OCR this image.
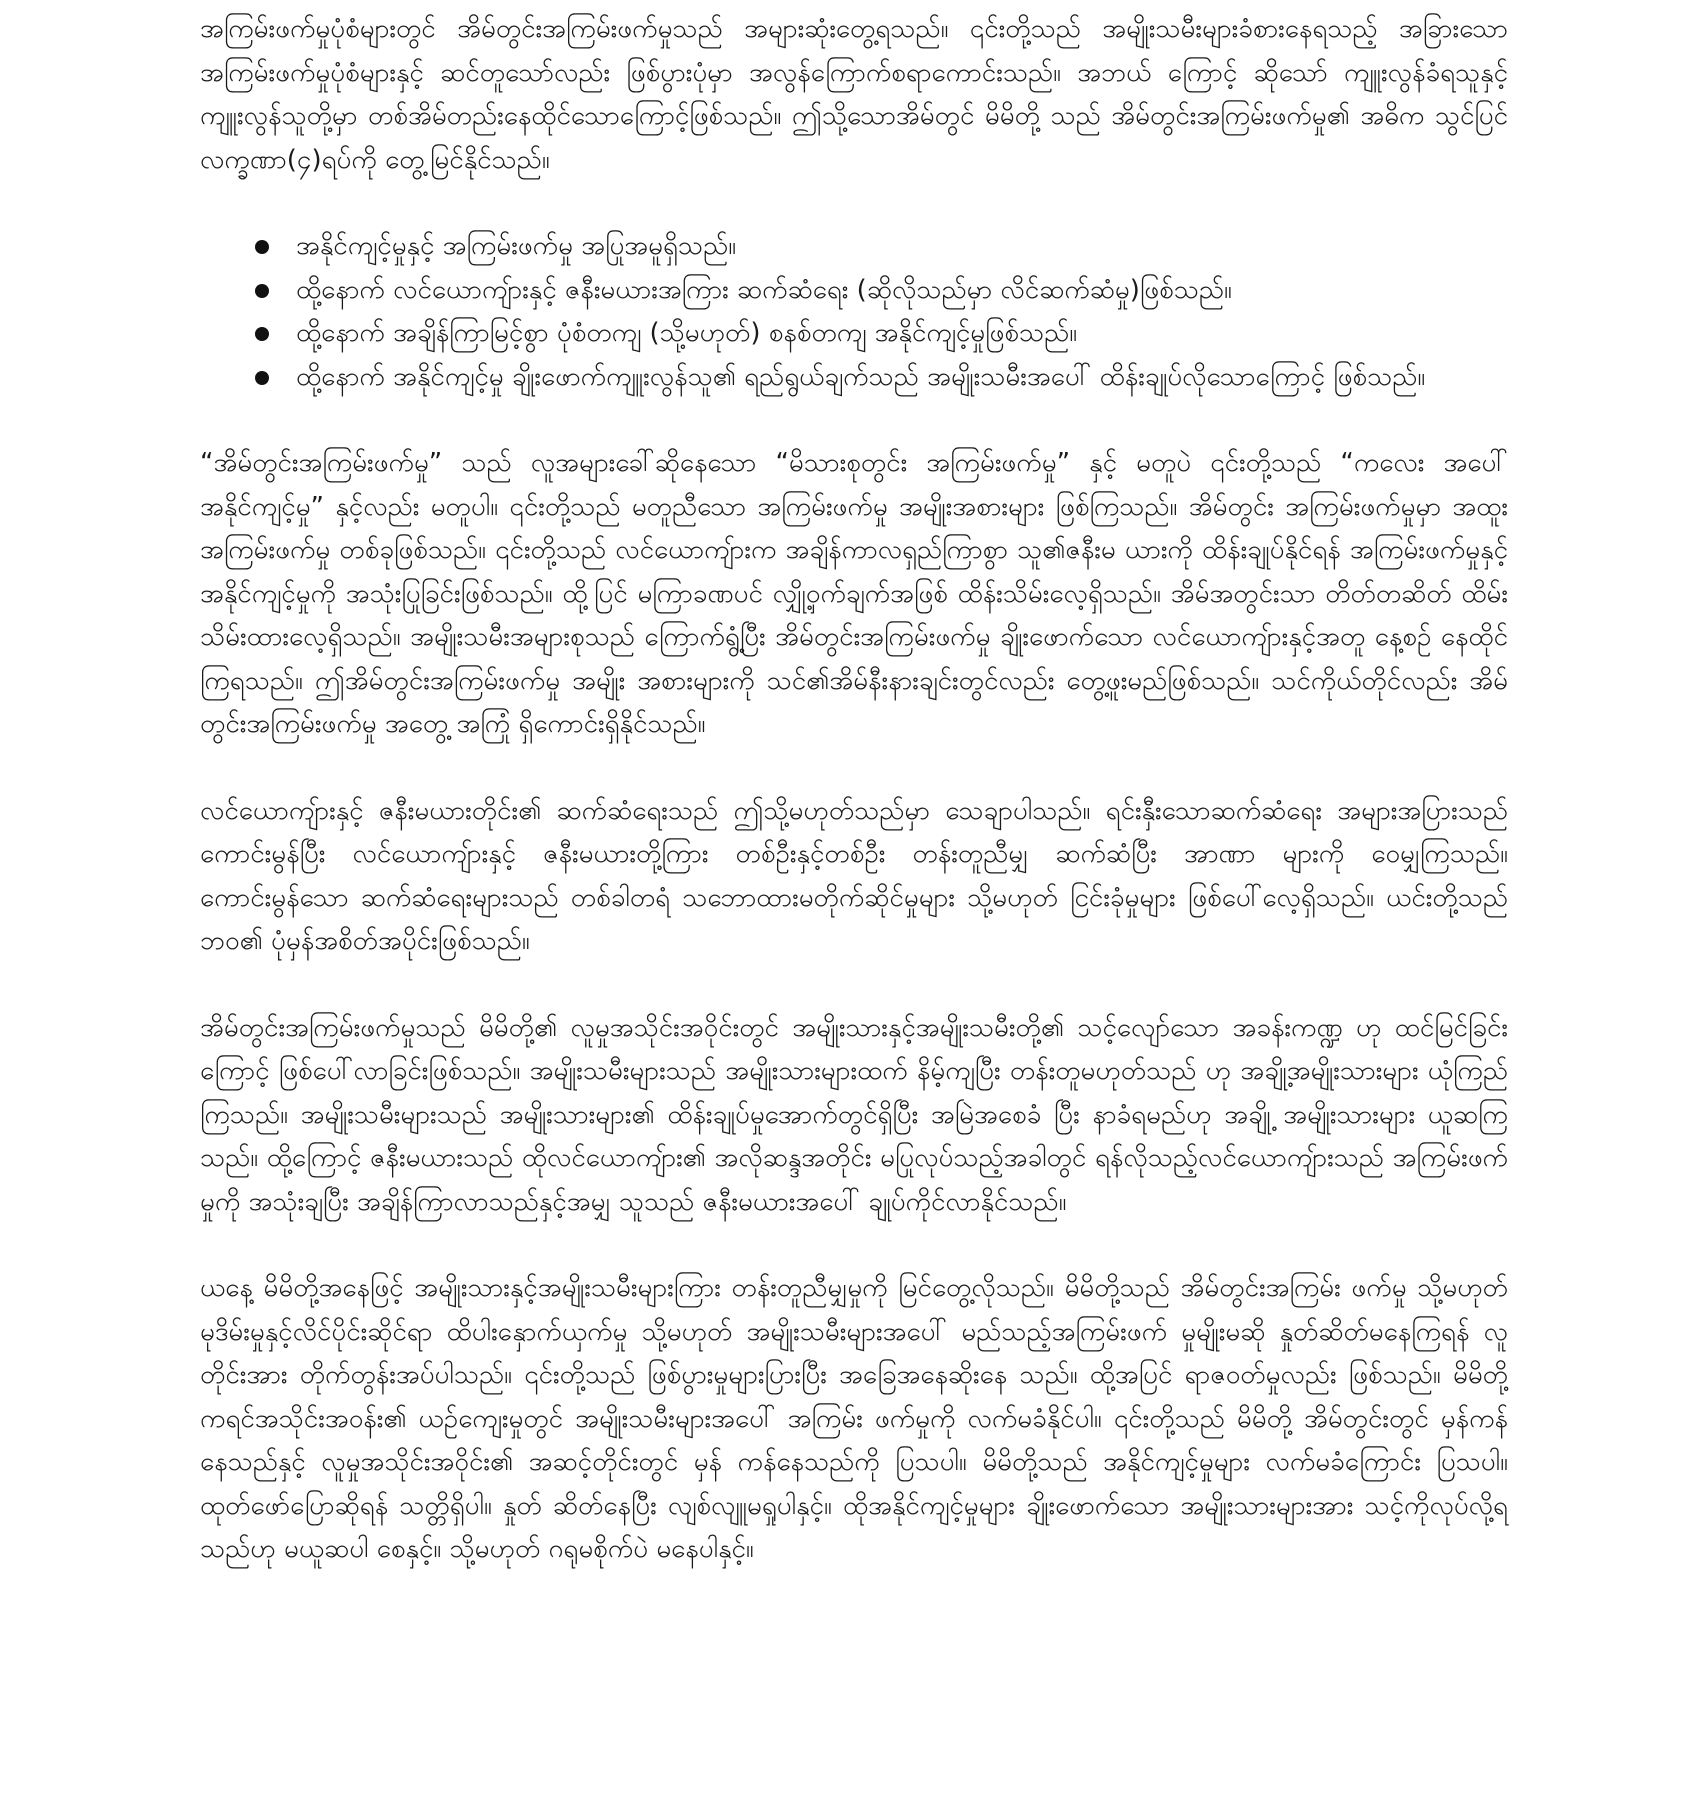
အကြမ်းဖက်မှုပုံစံများတွင် အိမ်တွင်းအကြမ်းဖက်မှုသည် အများဆုံးတွေ့ရသည်။ ၎င်းတို့သည် အမျိုးသမီးများခံစားနေရသည့် အခြားသော အကြမ်းဖက်မှုပုံစံများနှင့် ဆင်တူသော်လည်း ဖြစ်ပွားပုံမှာ အလွန်ကြောက်စရာကောင်းသည်။ အဘယ် ကြောင့် ဆိုသော် ကျူးလွန်ခံရသူနှင့် ကျူးလွန်သူတို့မှာ တစ်အိမ်တည်းနေထိုင်သောကြောင့်ဖြစ်သည်။ ဤသို့သောအိမ်တွင် မိမိတို့ သည် အိမ်တွင်းအကြမ်းဖက်မှု၏ အဓိက သွင်ပြင်လက္ခဏာ(၄)ရပ်ကို တွေ့မြင်နိုင်သည်။

အနိုင်ကျင့်မှုနှင့် အကြမ်းဖက်မှု အပြုအမူရှိသည်။
ထို့နောက် လင်ယောကျ်ားနှင့် ဇနီးမယားအကြား ဆက်ဆံရေး (ဆိုလိုသည်မှာ လိင်ဆက်ဆံမှု)ဖြစ်သည်။
ထို့နောက် အချိန်ကြာမြင့်စွာ ပုံစံတကျ (သို့မဟုတ်) စနစ်တကျ အနိုင်ကျင့်မှုဖြစ်သည်။
ထို့နောက် အနိုင်ကျင့်မှု ချိုးဖောက်ကျူးလွန်သူ၏ ရည်ရွယ်ချက်သည် အမျိုးသမီးအပေါ် ထိန်းချုပ်လိုသောကြောင့် ဖြစ်သည်။

“အိမ်တွင်းအကြမ်းဖက်မှု” သည် လူအများခေါ်ဆိုနေသော “မိသားစုတွင်း အကြမ်းဖက်မှု” နှင့် မတူပဲ ၎င်းတို့သည် “ကလေး အပေါ် အနိုင်ကျင့်မှု” နှင့်လည်း မတူပါ။ ၎င်းတို့သည် မတူညီသော အကြမ်းဖက်မှု အမျိုးအစားများ ဖြစ်ကြသည်။ အိမ်တွင်း အကြမ်းဖက်မှုမှာ အထူးအကြမ်းဖက်မှု တစ်ခုဖြစ်သည်။ ၎င်းတို့သည် လင်ယောကျ်ားက အချိန်ကာလရှည်ကြာစွာ သူ၏ဇနီးမ ယားကို ထိန်းချုပ်နိုင်ရန် အကြမ်းဖက်မှုနှင့် အနိုင်ကျင့်မှုကို အသုံးပြုခြင်းဖြစ်သည်။ ထို့ပြင် မကြာခဏပင် လျှို့ဝှက်ချက်အဖြစ် ထိန်းသိမ်းလေ့ရှိသည်။ အိမ်အတွင်းသာ တိတ်တဆိတ် ထိမ်းသိမ်းထားလေ့ရှိသည်။ အမျိုးသမီးအများစုသည် ကြောက်ရွံ့ပြီး အိမ်တွင်းအကြမ်းဖက်မှု ချိုးဖောက်သော လင်ယောကျ်ားနှင့်အတူ နေ့စဉ် နေထိုင်ကြရသည်။ ဤအိမ်တွင်းအကြမ်းဖက်မှု အမျိုး အစားများကို သင်၏အိမ်နီးနားချင်းတွင်လည်း တွေ့ဖူးမည်ဖြစ်သည်။ သင်ကိုယ်တိုင်လည်း အိမ်တွင်းအကြမ်းဖက်မှု အတွေ့ အကြုံ ရှိကောင်းရှိနိုင်သည်။

လင်ယောကျ်ားနှင့် ဇနီးမယားတိုင်း၏ ဆက်ဆံရေးသည် ဤသို့မဟုတ်သည်မှာ သေချာပါသည်။ ရင်းနှီးသောဆက်ဆံရေး အများအပြားသည် ကောင်းမွန်ပြီး လင်ယောကျ်ားနှင့် ဇနီးမယားတို့ကြား တစ်ဦးနှင့်တစ်ဦး တန်းတူညီမျှ ဆက်ဆံပြီး အာဏာ များကို ဝေမျှကြသည်။ ကောင်းမွန်သော ဆက်ဆံရေးများသည် တစ်ခါတရံ သဘောထားမတိုက်ဆိုင်မှုများ သို့မဟုတ် ငြင်းခုံမှုများ ဖြစ်ပေါ်လေ့ရှိသည်။ ယင်းတို့သည် ဘဝ၏ ပုံမှန်အစိတ်အပိုင်းဖြစ်သည်။

အိမ်တွင်းအကြမ်းဖက်မှုသည် မိမိတို့၏ လူမှုအသိုင်းအဝိုင်းတွင် အမျိုးသားနှင့်အမျိုးသမီးတို့၏ သင့်လျော်သော အခန်းကဏ္ဍ ဟု ထင်မြင်ခြင်းကြောင့် ဖြစ်ပေါ်လာခြင်းဖြစ်သည်။ အမျိုးသမီးများသည် အမျိုးသားများထက် နိမ့်ကျပြီး တန်းတူမဟုတ်သည် ဟု အချို့အမျိုးသားများ ယုံကြည်ကြသည်။ အမျိုးသမီးများသည် အမျိုးသားများ၏ ထိန်းချုပ်မှုအောက်တွင်ရှိပြီး အမြဲအစေခံ ပြီး နာခံရမည်ဟု အချို့ အမျိုးသားများ ယူဆကြသည်။ ထို့ကြောင့် ဇနီးမယားသည် ထိုလင်ယောကျ်ား၏ အလိုဆန္ဒအတိုင်း မပြုလုပ်သည့်အခါတွင် ရန်လိုသည့်လင်ယောကျ်ားသည် အကြမ်းဖက်မှုကို အသုံးချပြီး အချိန်ကြာလာသည်နှင့်အမျှ သူသည် ဇနီးမယားအပေါ် ချုပ်ကိုင်လာနိုင်သည်။

ယနေ့ မိမိတို့အနေဖြင့် အမျိုးသားနှင့်အမျိုးသမီးများကြား တန်းတူညီမျှမှုကို မြင်တွေ့လိုသည်။ မိမိတို့သည် အိမ်တွင်းအကြမ်း ဖက်မှု သို့မဟုတ် မုဒိမ်းမှုနှင့်လိင်ပိုင်းဆိုင်ရာ ထိပါးနှောက်ယှက်မှု သို့မဟုတ် အမျိုးသမီးများအပေါ် မည်သည့်အကြမ်းဖက် မှုမျိုးမဆို နှုတ်ဆိတ်မနေကြရန် လူတိုင်းအား တိုက်တွန်းအပ်ပါသည်။ ၎င်းတို့သည် ဖြစ်ပွားမှုများပြားပြီး အခြေအနေဆိုးနေ သည်။ ထို့အပြင် ရာဇဝတ်မှုလည်း ဖြစ်သည်။ မိမိတို့ ကရင်အသိုင်းအဝန်း၏ ယဉ်ကျေးမှုတွင် အမျိုးသမီးများအပေါ် အကြမ်း ဖက်မှုကို လက်မခံနိုင်ပါ။ ၎င်းတို့သည် မိမိတို့ အိမ်တွင်းတွင် မှန်ကန်နေသည်နှင့် လူမှုအသိုင်းအဝိုင်း၏ အဆင့်တိုင်းတွင် မှန် ကန်နေသည်ကို ပြသပါ။ မိမိတို့သည် အနိုင်ကျင့်မှုများ လက်မခံကြောင်း ပြသပါ။ ထုတ်ဖော်ပြောဆိုရန် သတ္တိရှိပါ။ နှုတ် ဆိတ်နေပြီး လျစ်လျူမရှုပါနှင့်။ ထိုအနိုင်ကျင့်မှုများ ချိုးဖောက်သော အမျိုးသားများအား သင့်ကိုလုပ်လို့ရသည်ဟု မယူဆပါ စေနှင့်။ သို့မဟုတ် ဂရုမစိုက်ပဲ မနေပါနှင့်။
